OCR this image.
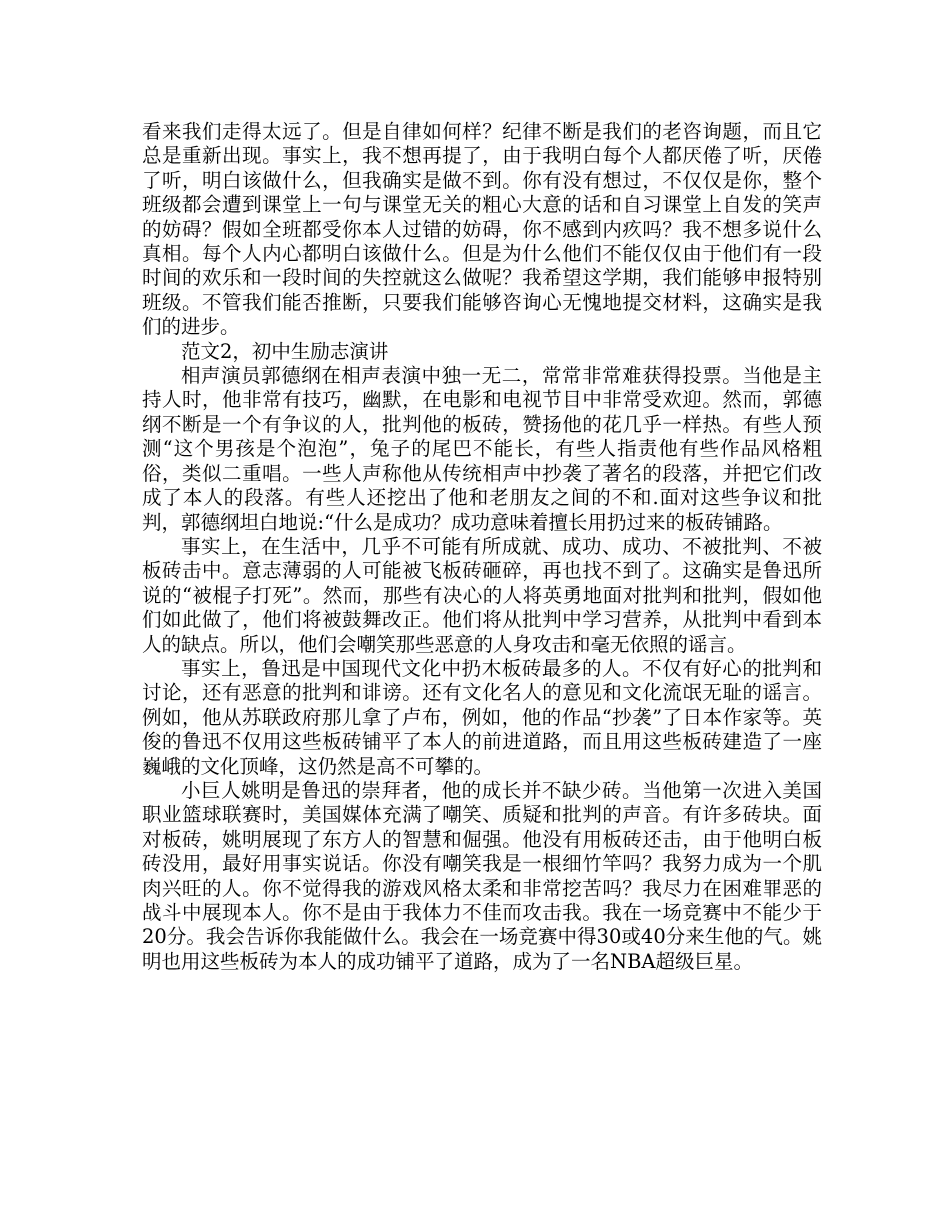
看来我们走得太远了。但是自律如何样？纪律不断是我们的老咨询题，而且它总是重新出现。事实上，我不想再提了，由于我明白每个人都厌倦了听，厌倦了听，明白该做什么，但我确实是做不到。你有没有想过，不仅仅是你，整个班级都会遭到课堂上一句与课堂无关的粗心大意的话和自习课堂上自发的笑声的妨碍？假如全班都受你本人过错的妨碍，你不感到内疚吗？我不想多说什么真相。每个人内心都明白该做什么。但是为什么他们不能仅仅由于他们有一段时间的欢乐和一段时间的失控就这么做呢？我希望这学期，我们能够申报特别班级。不管我们能否推断，只要我们能够咨询心无愧地提交材料，这确实是我们的进步。

范文2，初中生励志演讲

相声演员郭德纲在相声表演中独一无二，常常非常难获得投票。当他是主持人时，他非常有技巧，幽默，在电影和电视节目中非常受欢迎。然而，郭德纲不断是一个有争议的人，批判他的板砖，赞扬他的花几乎一样热。有些人预测“这个男孩是个泡泡”，兔子的尾巴不能长，有些人指责他有些作品风格粗俗，类似二重唱。一些人声称他从传统相声中抄袭了著名的段落，并把它们改成了本人的段落。有些人还挖出了他和老朋友之间的不和.面对这些争议和批判，郭德纲坦白地说:“什么是成功？成功意味着擅长用扔过来的板砖铺路。

事实上，在生活中，几乎不可能有所成就、成功、成功、不被批判、不被板砖击中。意志薄弱的人可能被飞板砖砸碎，再也找不到了。这确实是鲁迅所说的“被棍子打死”。然而，那些有决心的人将英勇地面对批判和批判，假如他们如此做了，他们将被鼓舞改正。他们将从批判中学习营养，从批判中看到本人的缺点。所以，他们会嘲笑那些恶意的人身攻击和毫无依照的谣言。

事实上，鲁迅是中国现代文化中扔木板砖最多的人。不仅有好心的批判和讨论，还有恶意的批判和诽谤。还有文化名人的意见和文化流氓无耻的谣言。例如，他从苏联政府那儿拿了卢布，例如，他的作品“抄袭”了日本作家等。英俊的鲁迅不仅用这些板砖铺平了本人的前进道路，而且用这些板砖建造了一座巍峨的文化顶峰，这仍然是高不可攀的。

小巨人姚明是鲁迅的崇拜者，他的成长并不缺少砖。当他第一次进入美国职业篮球联赛时，美国媒体充满了嘲笑、质疑和批判的声音。有许多砖块。面对板砖，姚明展现了东方人的智慧和倔强。他没有用板砖还击，由于他明白板砖没用，最好用事实说话。你没有嘲笑我是一根细竹竿吗？我努力成为一个肌肉兴旺的人。你不觉得我的游戏风格太柔和非常挖苦吗？我尽力在困难罪恶的战斗中展现本人。你不是由于我体力不佳而攻击我。我在一场竞赛中不能少于20分。我会告诉你我能做什么。我会在一场竞赛中得30或40分来生他的气。姚明也用这些板砖为本人的成功铺平了道路，成为了一名NBA超级巨星。
